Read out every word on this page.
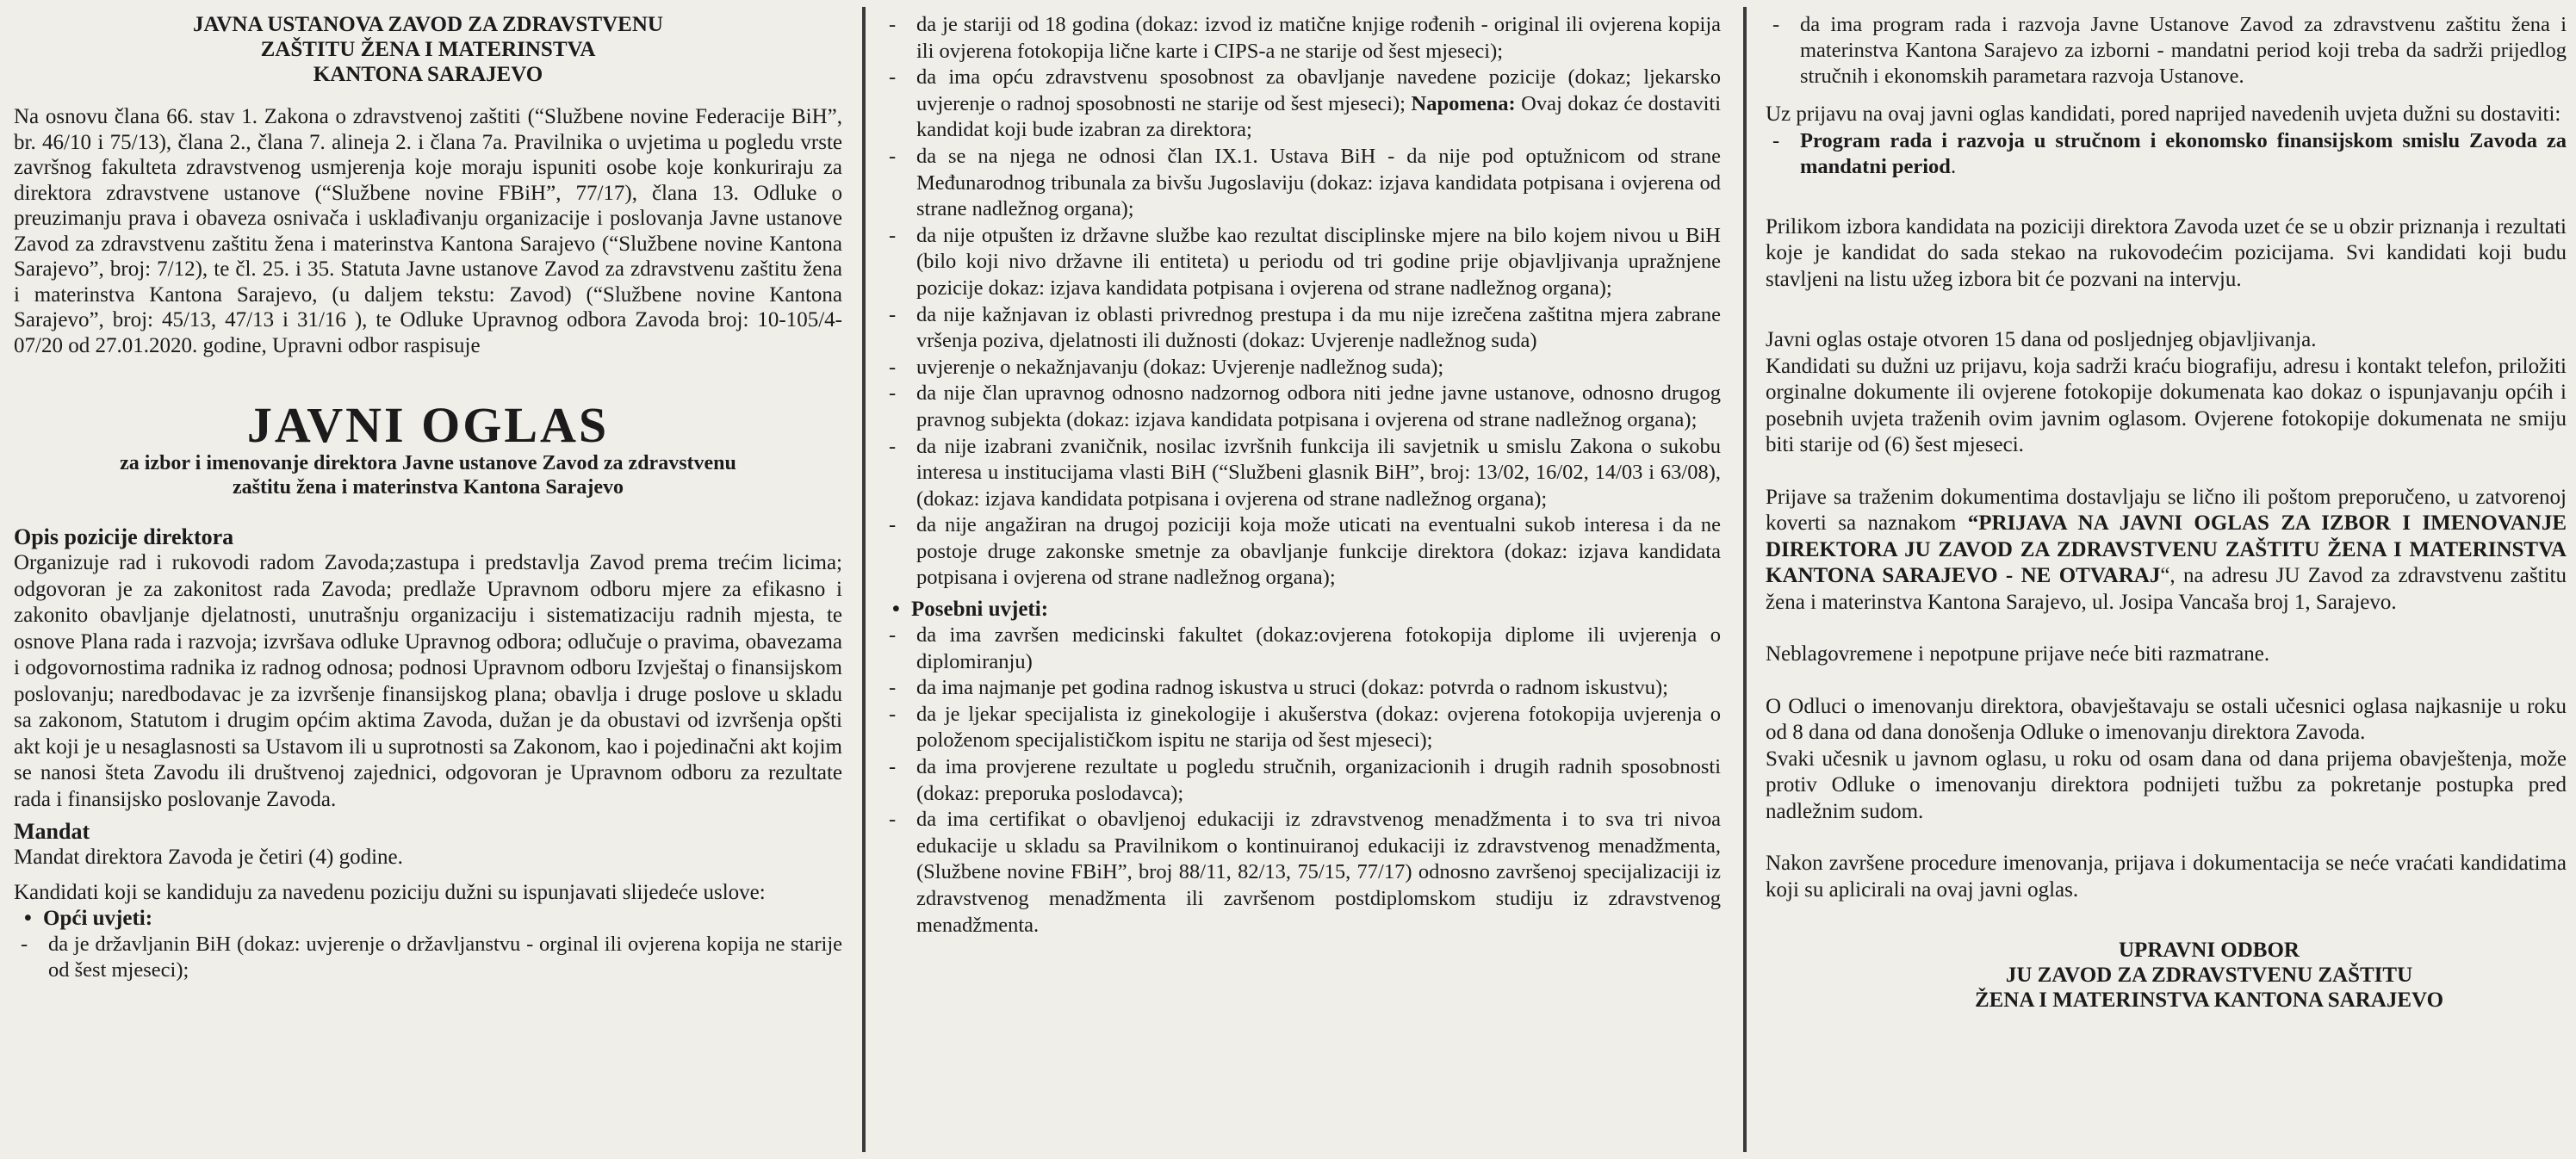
JAVNA USTANOVA ZAVOD ZA ZDRAVSTVENU
ZAŠTITU ŽENA I MATERINSTVA
KANTONA SARAJEVO

Na osnovu člana 66. stav 1. Zakona o zdravstvenoj zaštiti (“Službene novine Federacije BiH”, br. 46/10 i 75/13), člana 2., člana 7. alineja 2. i člana 7a. Pravilnika o uvjetima u pogledu vrste završnog fakulteta zdravstvenog usmjerenja koje moraju ispuniti osobe koje konkuriraju za direktora zdravstvene ustanove (“Službene novine FBiH”, 77/17), člana 13. Odluke o preuzimanju prava i obaveza osnivača i usklađivanju organizacije i poslovanja Javne ustanove Zavod za zdravstvenu zaštitu žena i materinstva Kantona Sarajevo (“Službene novine Kantona Sarajevo”, broj: 7/12), te čl. 25. i 35. Statuta Javne ustanove Zavod za zdravstvenu zaštitu žena i materinstva Kantona Sarajevo, (u daljem tekstu: Zavod) (“Službene novine Kantona Sarajevo”, broj: 45/13, 47/13 i 31/16 ), te Odluke Upravnog odbora Zavoda broj: 10-105/4-07/20 od 27.01.2020. godine, Upravni odbor raspisuje

JAVNI OGLAS
za izbor i imenovanje direktora Javne ustanove Zavod za zdravstvenu
zaštitu žena i materinstva Kantona Sarajevo
Opis pozicije direktora

Organizuje rad i rukovodi radom Zavoda;zastupa i predstavlja Zavod prema trećim licima; odgovoran je za zakonitost rada Zavoda; predlaže Upravnom odboru mjere za efikasno i zakonito obavljanje djelatnosti, unutrašnju organizaciju i sistematizaciju radnih mjesta, te osnove Plana rada i razvoja; izvršava odluke Upravnog odbora; odlučuje o pravima, obavezama i odgovornostima radnika iz radnog odnosa; podnosi Upravnom odboru Izvještaj o finansijskom poslovanju; naredbodavac je za izvršenje finansijskog plana; obavlja i druge poslove u skladu sa zakonom, Statutom i drugim općim aktima Zavoda, dužan je da obustavi od izvršenja opšti akt koji je u nesaglasnosti sa Ustavom ili u suprotnosti sa Zakonom, kao i pojedinačni akt kojim se nanosi šteta Zavodu ili društvenoj zajednici, odgovoran je Upravnom odboru za rezultate rada i finansijsko poslovanje Zavoda.

Mandat

Mandat direktora Zavoda je četiri (4) godine.

Kandidati koji se kandiduju za navedenu poziciju dužni su ispunjavati slijedeće uslove:

• Opći uvjeti:
- da je državljanin BiH (dokaz: uvjerenje o državljanstvu - orginal ili ovjerena kopija ne starije od šest mjeseci);
- da je stariji od 18 godina (dokaz: izvod iz matične knjige rođenih - original ili ovjerena kopija ili ovjerena fotokopija lične karte i CIPS-a ne starije od šest mjeseci);
- da ima opću zdravstvenu sposobnost za obavljanje navedene pozicije (dokaz; ljekarsko uvjerenje o radnoj sposobnosti ne starije od šest mjeseci); Napomena: Ovaj dokaz će dostaviti kandidat koji bude izabran za direktora;
- da se na njega ne odnosi član IX.1. Ustava BiH - da nije pod optužnicom od strane Međunarodnog tribunala za bivšu Jugoslaviju (dokaz: izjava kandidata potpisana i ovjerena od strane nadležnog organa);
- da nije otpušten iz državne službe kao rezultat disciplinske mjere na bilo kojem nivou u BiH (bilo koji nivo državne ili entiteta) u periodu od tri godine prije objavljivanja upražnjene pozicije dokaz: izjava kandidata potpisana i ovjerena od strane nadležnog organa);
- da nije kažnjavan iz oblasti privrednog prestupa i da mu nije izrečena zaštitna mjera zabrane vršenja poziva, djelatnosti ili dužnosti (dokaz: Uvjerenje nadležnog suda)
- uvjerenje o nekažnjavanju (dokaz: Uvjerenje nadležnog suda);
- da nije član upravnog odnosno nadzornog odbora niti jedne javne ustanove, odnosno drugog pravnog subjekta (dokaz: izjava kandidata potpisana i ovjerena od strane nadležnog organa);
- da nije izabrani zvaničnik, nosilac izvršnih funkcija ili savjetnik u smislu Zakona o sukobu interesa u institucijama vlasti BiH (“Službeni glasnik BiH”, broj: 13/02, 16/02, 14/03 i 63/08), (dokaz: izjava kandidata potpisana i ovjerena od strane nadležnog organa);
- da nije angažiran na drugoj poziciji koja može uticati na eventualni sukob interesa i da ne postoje druge zakonske smetnje za obavljanje funkcije direktora (dokaz: izjava kandidata potpisana i ovjerena od strane nadležnog organa);
• Posebni uvjeti:
- da ima završen medicinski fakultet (dokaz:ovjerena fotokopija diplome ili uvjerenja o diplomiranju)
- da ima najmanje pet godina radnog iskustva u struci (dokaz: potvrda o radnom iskustvu);
- da je ljekar specijalista iz ginekologije i akušerstva (dokaz: ovjerena fotokopija uvjerenja o položenom specijalističkom ispitu ne starija od šest mjeseci);
- da ima provjerene rezultate u pogledu stručnih, organizacionih i drugih radnih sposobnosti (dokaz: preporuka poslodavca);
- da ima certifikat o obavljenoj edukaciji iz zdravstvenog menadžmenta i to sva tri nivoa edukacije u skladu sa Pravilnikom o kontinuiranoj edukaciji iz zdravstvenog menadžmenta, (Službene novine FBiH”, broj 88/11, 82/13, 75/15, 77/17) odnosno završenoj specijalizaciji iz zdravstvenog menadžmenta ili završenom postdiplomskom studiju iz zdravstvenog menadžmenta.
- da ima program rada i razvoja Javne Ustanove Zavod za zdravstvenu zaštitu žena i materinstva Kantona Sarajevo za izborni - mandatni period koji treba da sadrži prijedlog stručnih i ekonomskih parametara razvoja Ustanove.

Uz prijavu na ovaj javni oglas kandidati, pored naprijed navedenih uvjeta dužni su dostaviti:

- Program rada i razvoja u stručnom i ekonomsko finansijskom smislu Zavoda za mandatni period.

Prilikom izbora kandidata na poziciji direktora Zavoda uzet će se u obzir priznanja i rezultati koje je kandidat do sada stekao na rukovodećim pozicijama. Svi kandidati koji budu stavljeni na listu užeg izbora bit će pozvani na intervju.

Javni oglas ostaje otvoren 15 dana od posljednjeg objavljivanja.

Kandidati su dužni uz prijavu, koja sadrži kraću biografiju, adresu i kontakt telefon, priložiti orginalne dokumente ili ovjerene fotokopije dokumenata kao dokaz o ispunjavanju općih i posebnih uvjeta traženih ovim javnim oglasom. Ovjerene fotokopije dokumenata ne smiju biti starije od (6) šest mjeseci.

Prijave sa traženim dokumentima dostavljaju se lično ili poštom preporučeno, u zatvorenoj koverti sa naznakom “PRIJAVA NA JAVNI OGLAS ZA IZBOR I IMENOVANJE DIREKTORA JU ZAVOD ZA ZDRAVSTVENU ZAŠTITU ŽENA I MATERINSTVA KANTONA SARAJEVO - NE OTVARAJ“, na adresu JU Zavod za zdravstvenu zaštitu žena i materinstva Kantona Sarajevo, ul. Josipa Vancaša broj 1, Sarajevo.

Neblagovremene i nepotpune prijave neće biti razmatrane.

O Odluci o imenovanju direktora, obavještavaju se ostali učesnici oglasa najkasnije u roku od 8 dana od dana donošenja Odluke o imenovanju direktora Zavoda.

Svaki učesnik u javnom oglasu, u roku od osam dana od dana prijema obavještenja, može protiv Odluke o imenovanju direktora podnijeti tužbu za pokretanje postupka pred nadležnim sudom.

Nakon završene procedure imenovanja, prijava i dokumentacija se neće vraćati kandidatima koji su aplicirali na ovaj javni oglas.

UPRAVNI ODBOR
JU ZAVOD ZA ZDRAVSTVENU ZAŠTITU
ŽENA I MATERINSTVA KANTONA SARAJEVO
